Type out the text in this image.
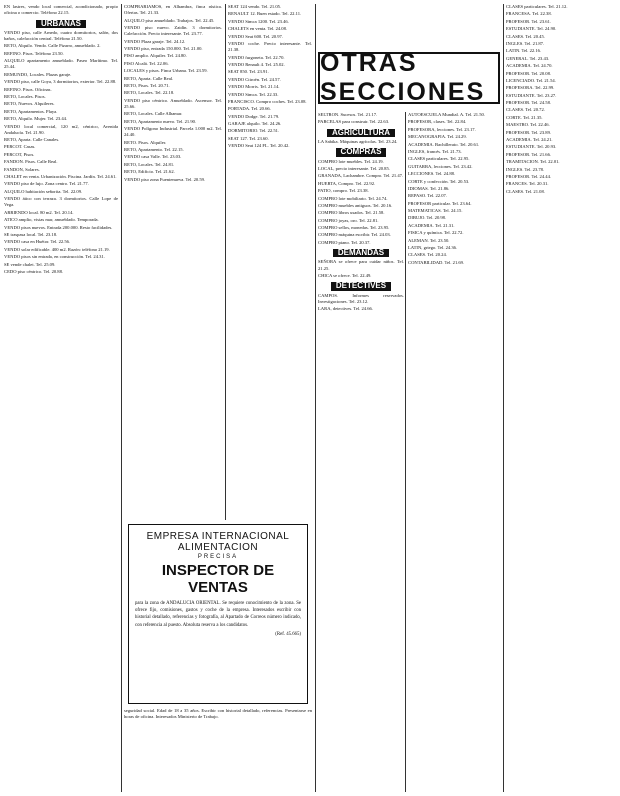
EN lastres, vendo local comercial, acondicionado, propio oficina o comercio. Teléfono 22.15.

URBANAS

VENDO piso, calle Arnedo, cuatro dormitorios, salón, dos baños, calefacción central. Teléfono 21.50.

RETO, Alquilo. Vendo. Calle Pizarro, amueblado. 2.

REFINO. Pisos. Teléfono 23.50.

ALQUILO apartamento amueblado. Paseo Marítimo. Tel. 25.44.

REMUNDO, Locales. Plazas garaje.

VENDO piso, calle Goya, 3 dormitorios, exterior. Tel. 22.88.

REFINO. Pisos. Oficinas.

RETO, Locales. Pisos.

RETO, Nuevos. Alquileres.

RETO, Apartamentos. Playa.

RETO, Alquilo. Mujer. Tel. 23.44.

VENDO local comercial, 120 m2, céntrico, Avenida Andalucía. Tel. 21.90.

RETO, Aparta. Calle Canales.

PERCOT. Casas.

PERCOT, Pisos.

FANDON. Pisos. Calle Real.

FANDON, Solares.

CHALET en venta. Urbanización. Piscina. Jardín. Tel. 24.61.

VENDO piso de lujo. Zona centro. Tel. 21.77.

ALQUILO habitación señorita. Tel. 22.09.

VENDO ático con terraza. 3 dormitorios. Calle Lope de Vega.

ARRIENDO local. 80 m2. Tel. 20.14.

ATICO amplio, vistas mar, amueblado. Temporada.

VENDO pisos nuevos. Entrada 200.000. Resto facilidades.

SE traspasa local. Tel. 23.18.

VENDO casa en Huétor. Tel. 22.56.

VENDO solar edificable. 400 m2. Razón: teléfono 21.19.

VENDO pisos sin entrada, en construcción. Tel. 24.31.

SE vende chalet. Tel. 25.09.

CEDO piso céntrico. Tel. 20.88.

COMPRARIAMOS, en Alhambra, finca rústica. Ofertas. Tel. 21.33.

ALQUILO piso amueblado. Trabajos. Tel. 22.45.

VENDO piso nuevo. Zaidín. 3 dormitorios. Calefacción. Precio interesante. Tel. 23.77.

VENDO Plaza garaje. Tel. 24.12.

VENDO piso, entrada 150.000. Tel. 21.00.

PISO amplio. Alquiler. Tel. 24.80.

PISO Alcalá. Tel. 22.06.

LOCALES y pisos. Finca Urbana. Tel. 23.59.

RETO, Aparta. Calle Real.

RETO, Pisos. Tel. 20.71.

RETO, Locales. Tel. 22.18.

VENDO piso céntrico. Amueblado. Ascensor. Tel. 25.66.

RETO, Locales. Calle Alhamar.

RETO, Apartamento nuevo. Tel. 21.90.

VENDO Polígono Industrial. Parcela 1.000 m2. Tel. 24.40.

RETO. Pisos. Alquiler.

RETO, Apartamento. Tel. 22.15.

VENDO casa Valle. Tel. 23.03.

RETO, Locales. Tel. 24.81.

RETO, Edificio. Tel. 21.62.

VENDO piso zona Fuentenueva. Tel. 20.59.

SEAT 124 vendo. Tel. 21.05.

RENAULT 12. Buen estado. Tel. 22.11.

VENDO Simca 1200. Tel. 23.46.

CHALETS en venta. Tel. 24.08.

VENDO Seat 600. Tel. 20.97.

VENDO coche. Precio interesante. Tel. 21.38.

VENDO furgoneta. Tel. 22.70.

VENDO Renault 4. Tel. 25.02.

SEAT 850. Tel. 23.91.

VENDO Citroën. Tel. 24.57.

VENDO Morris. Tel. 21.14.

VENDO Simca. Tel. 22.33.

FRANCISCO. Compro coches. Tel. 23.08.

PORTADA. Tel. 20.66.

VENDO Dodge. Tel. 21.79.

GARAJE alquilo. Tel. 24.26.

DORMITORIO. Tel. 22.51.

SEAT 127. Tel. 23.60.

VENDO Seat 124 FL. Tel. 20.42.

OTRAS SECCIONES

SELTRON. Sucesos. Tel. 21.17.

PARCELAS para construir. Tel. 22.63.

AGRICULTURA

LA Sabika. Máquinas agrícolas. Tel. 23.24.

COMPRAS

COMPRO lote muebles. Tel. 24.19.

LOCAL, precio interesante. Tel. 20.85.

GRANADA, Lachambre. Compro. Tel. 21.47.

HUERTA, Compro. Tel. 22.92.

PATIO, compro. Tel. 23.38.

COMPRO lote mobiliario. Tel. 24.74.

COMPRO muebles antiguos. Tel. 20.16.

COMPRO libros usados. Tel. 21.58.

COMPRO joyas, oro. Tel. 22.81.

COMPRO sellos, monedas. Tel. 23.95.

COMPRO máquina escribir. Tel. 24.03.

COMPRO piano. Tel. 20.37.

DEMANDAS

SEÑORA se ofrece para cuidar niños. Tel. 21.25.

CHICA se ofrece. Tel. 22.49.

DETECTIVES

CAMPOS. Informes reservados. Investigaciones. Tel. 23.12.

LARA, detectives. Tel. 24.66.

AUTOESCUELA Mundial. A. Tel. 21.50.

PROFESOR, clases. Tel. 22.84.

PROFESORA, lecciones. Tel. 23.17.

MECANOGRAFIA. Tel. 24.29.

ACADEMIA. Bachillerato. Tel. 20.61.

INGLES, francés. Tel. 21.73.

CLASES particulares. Tel. 22.95.

GUITARRA, lecciones. Tel. 23.42.

LECCIONES. Tel. 24.88.

CORTE y confección. Tel. 20.53.

IDIOMAS. Tel. 21.86.

REPASO. Tel. 22.07.

PROFESOR particular. Tel. 23.64.

MATEMATICAS. Tel. 24.15.

DIBUJO. Tel. 20.98.

ACADEMIA. Tel. 21.31.

FISICA y química. Tel. 22.72.

ALEMAN. Tel. 23.50.

LATIN, griego. Tel. 24.36.

CLASES. Tel. 20.24.

CONTABILIDAD. Tel. 21.69.

CLASES particulares. Tel. 21.12.

FRANCESA. Tel. 22.38.

PROFESOR. Tel. 23.61.

ESTUDIANTE. Tel. 24.90.

CLASES. Tel. 20.45.

INGLES. Tel. 21.87.

LATIN. Tel. 22.16.

GENERAL. Tel. 23.43.

ACADEMIA. Tel. 24.70.

PROFESOR. Tel. 20.08.

LICENCIADO. Tel. 21.54.

PROFESORA. Tel. 22.99.

ESTUDIANTE. Tel. 23.27.

PROFESOR. Tel. 24.58.

CLASES. Tel. 20.72.

CORTE. Tel. 21.35.

MAESTRO. Tel. 22.46.

PROFESOR. Tel. 23.89.

ACADEMIA. Tel. 24.21.

ESTUDIANTE. Tel. 20.93.

PROFESOR. Tel. 21.66.

TRAMITACION. Tel. 22.01.

INGLES. Tel. 23.78.

PROFESOR. Tel. 24.44.

FRANCES. Tel. 20.31.

CLASES. Tel. 21.08.

EMPRESA INTERNACIONAL
ALIMENTACION
PRECISA
INSPECTOR DE VENTAS
para la zona de ANDALUCIA ORIENTAL. Se requiere conocimiento de la zona. Se ofrece fijo, comisiones, gastos y coche de la empresa. Interesados escribir con historial detallado, referencias y fotografía, al Apartado de Correos número indicado, con referencia al puesto. Absoluta reserva a los candidatos.
(Ref. 45.665)

seguridad social. Edad de 18 a 35 años. Escribir con historial detallado, referencias. Presentarse en horas de oficina. Interesados Ministerio de Trabajo.
